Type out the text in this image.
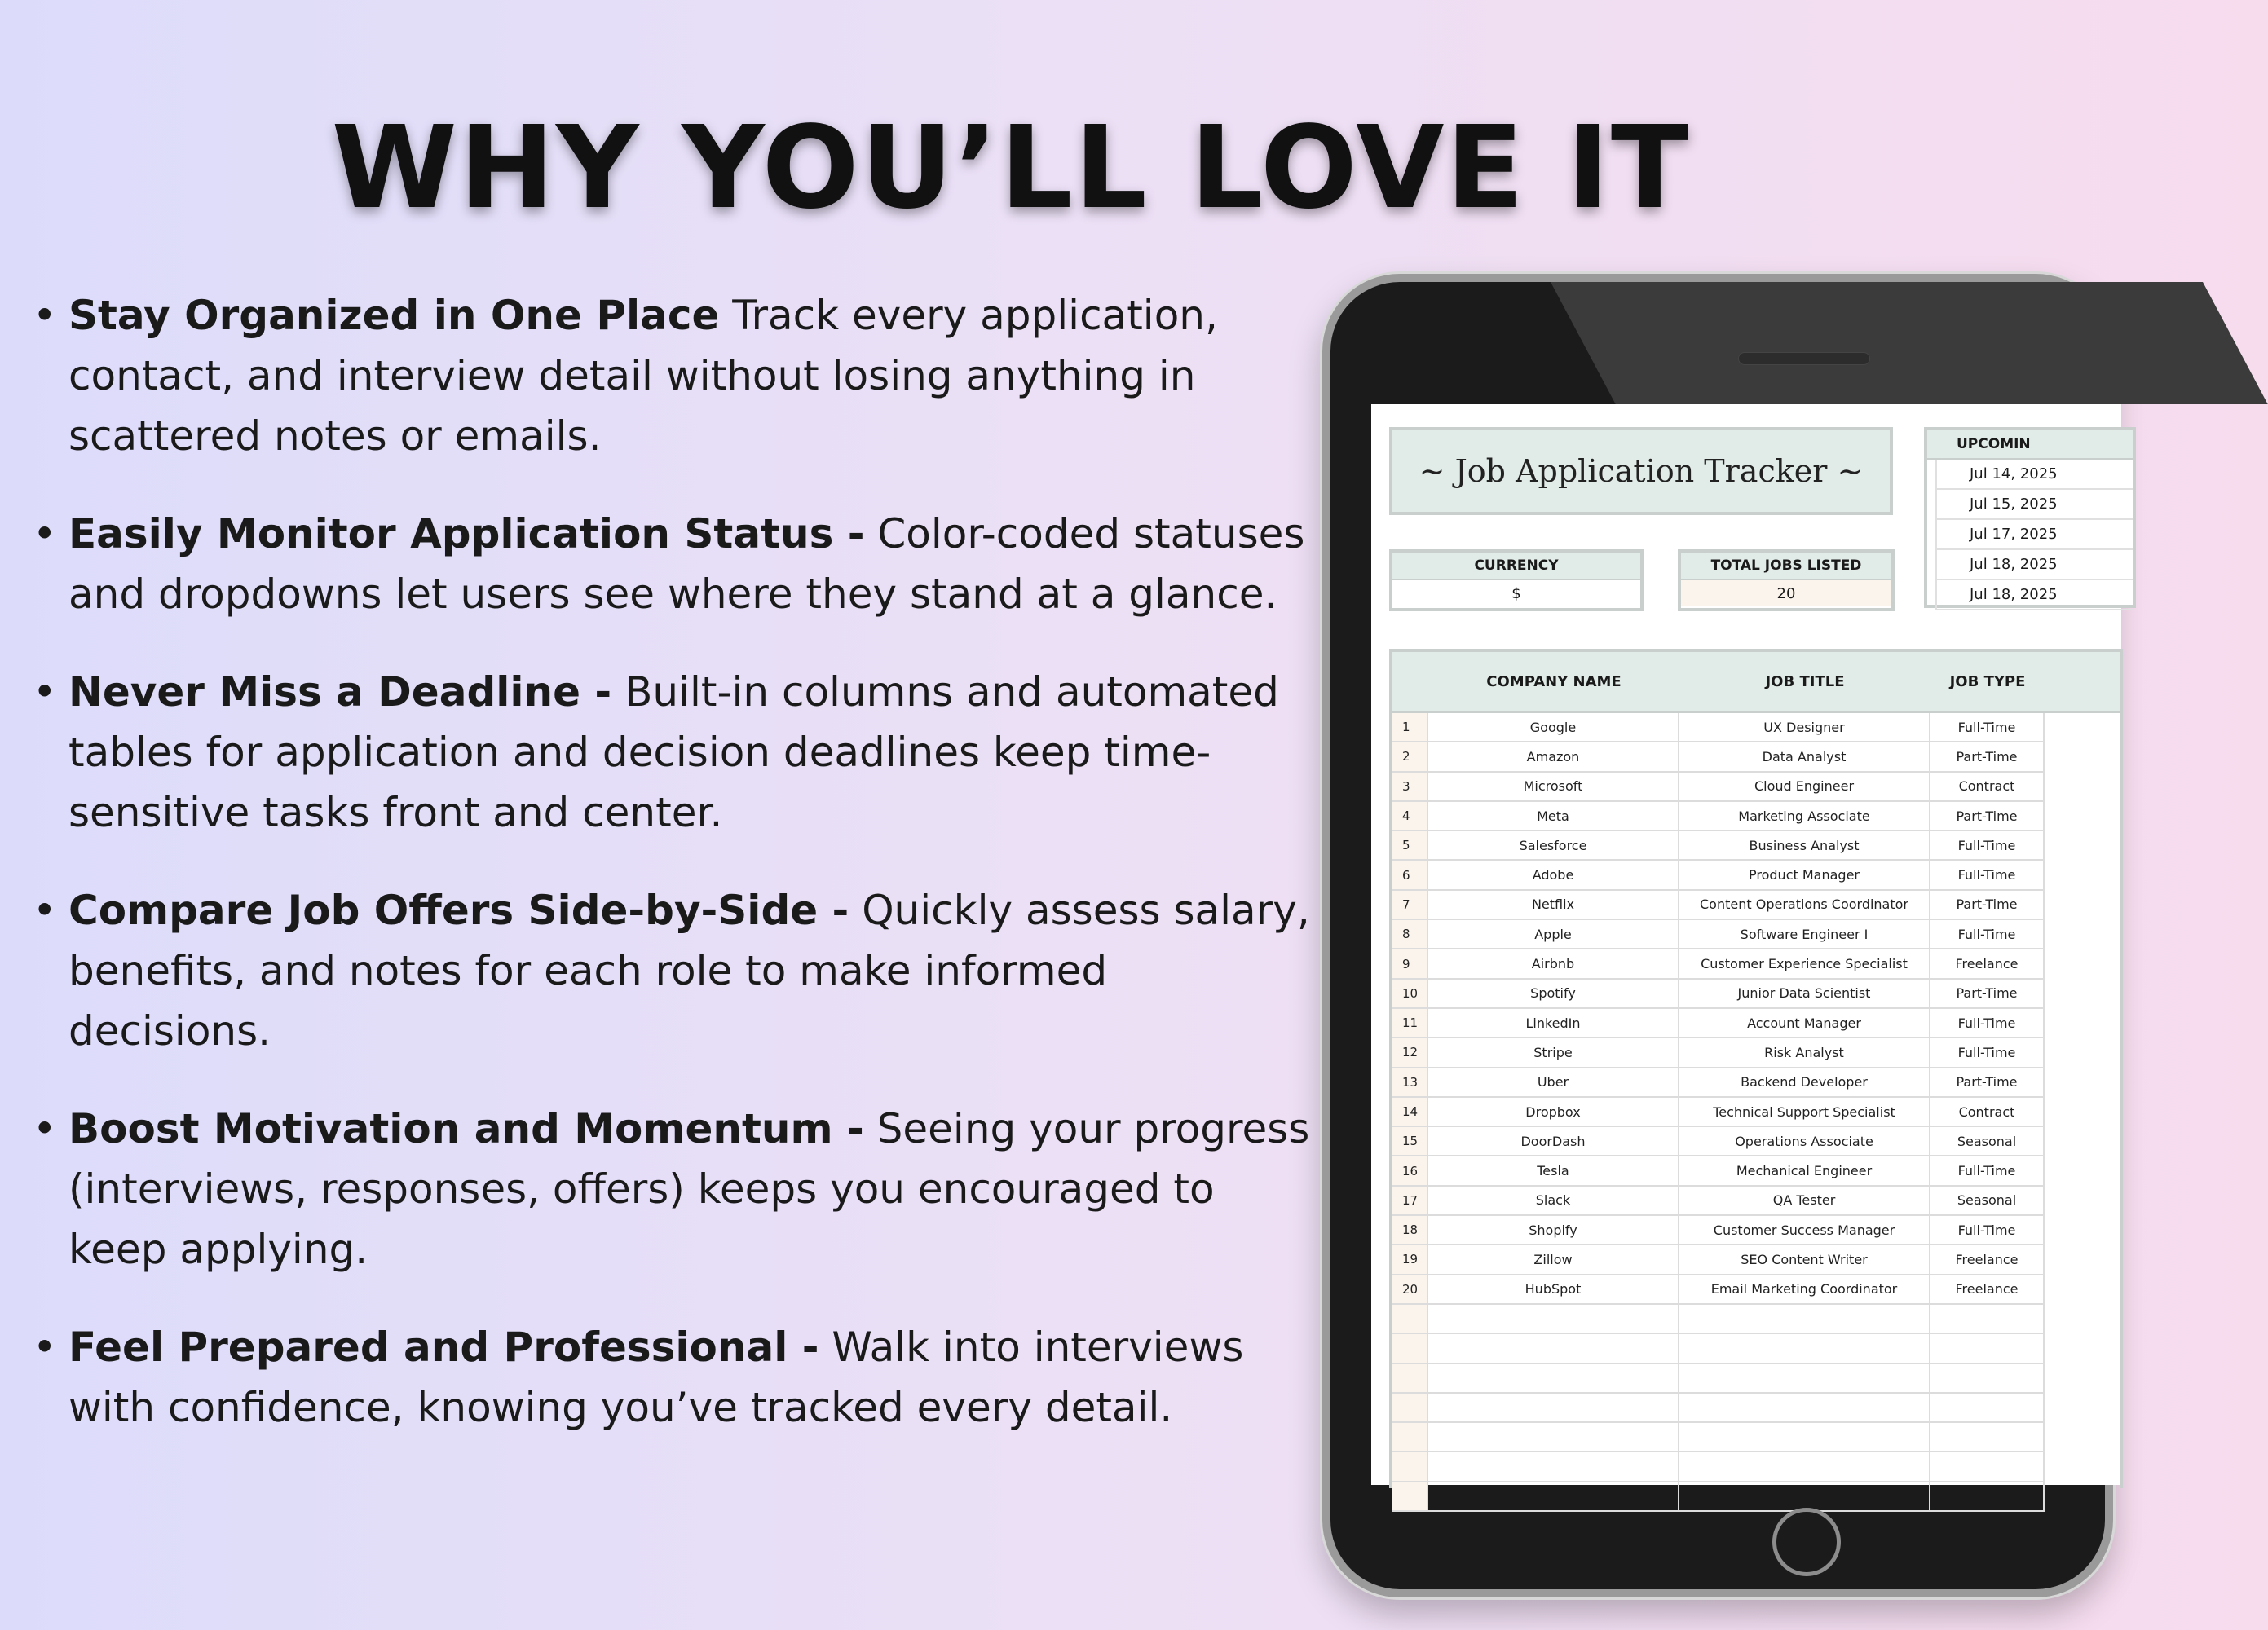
WHY YOU’LL LOVE IT
• Stay Organized in One Place Track every application, contact, and interview detail without losing anything in scattered notes or emails.
• Easily Monitor Application Status - Color-coded statuses and dropdowns let users see where they stand at a glance.
• Never Miss a Deadline - Built-in columns and automated tables for application and decision deadlines keep time-sensitive tasks front and center.
• Compare Job Offers Side-by-Side - Quickly assess salary, benefits, and notes for each role to make informed decisions.
• Boost Motivation and Momentum - Seeing your progress (interviews, responses, offers) keeps you encouraged to keep applying.
• Feel Prepared and Professional - Walk into interviews with confidence, knowing you’ve tracked every detail.
~ Job Application Tracker ~
CURRENCY
$
TOTAL JOBS LISTED
20
UPCOMIN
Jul 14, 2025
Jul 15, 2025
Jul 17, 2025
Jul 18, 2025
Jul 18, 2025
COMPANY NAME	JOB TITLE	JOB TYPE
1	Google	UX Designer	Full-Time
2	Amazon	Data Analyst	Part-Time
3	Microsoft	Cloud Engineer	Contract
4	Meta	Marketing Associate	Part-Time
5	Salesforce	Business Analyst	Full-Time
6	Adobe	Product Manager	Full-Time
7	Netflix	Content Operations Coordinator	Part-Time
8	Apple	Software Engineer I	Full-Time
9	Airbnb	Customer Experience Specialist	Freelance
10	Spotify	Junior Data Scientist	Part-Time
11	LinkedIn	Account Manager	Full-Time
12	Stripe	Risk Analyst	Full-Time
13	Uber	Backend Developer	Part-Time
14	Dropbox	Technical Support Specialist	Contract
15	DoorDash	Operations Associate	Seasonal
16	Tesla	Mechanical Engineer	Full-Time
17	Slack	QA Tester	Seasonal
18	Shopify	Customer Success Manager	Full-Time
19	Zillow	SEO Content Writer	Freelance
20	HubSpot	Email Marketing Coordinator	Freelance
